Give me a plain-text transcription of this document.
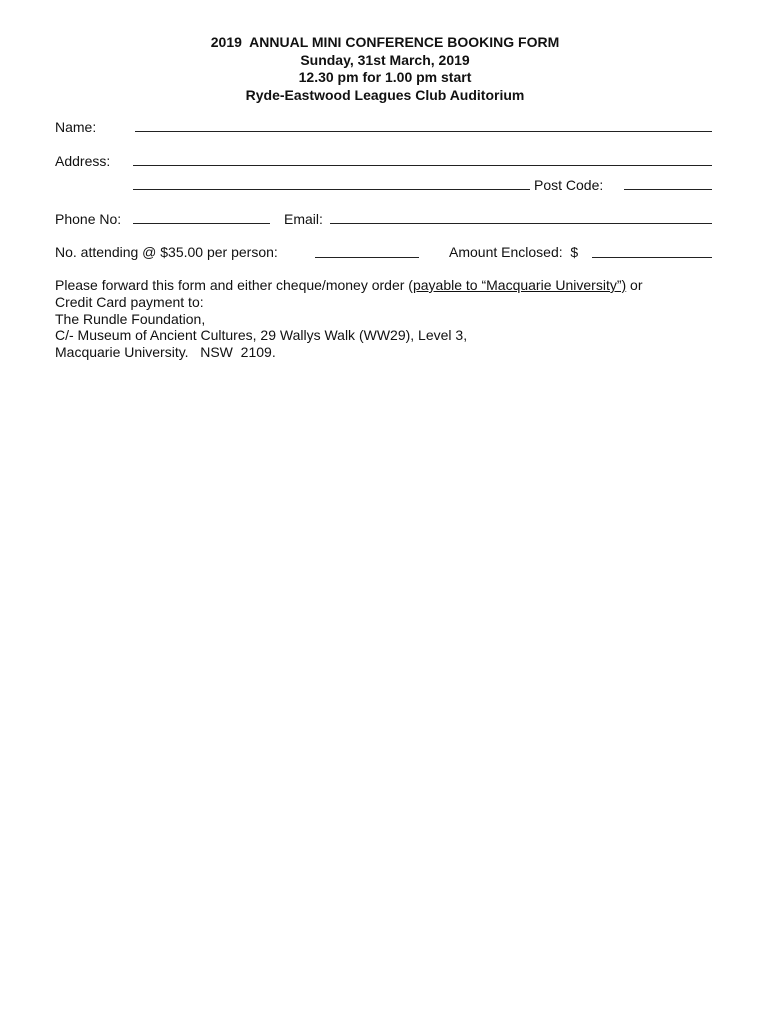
2019  ANNUAL MINI CONFERENCE BOOKING FORM
Sunday, 31st March, 2019
12.30 pm for 1.00 pm start
Ryde-Eastwood Leagues Club Auditorium
Name:
Address:
Post Code:
Phone No:	Email:
No. attending @ $35.00 per person:	Amount Enclosed:  $
Please forward this form and either cheque/money order (payable to “Macquarie University”) or
Credit Card payment to:
The Rundle Foundation,
C/- Museum of Ancient Cultures, 29 Wallys Walk (WW29), Level 3,
Macquarie University.   NSW  2109.
